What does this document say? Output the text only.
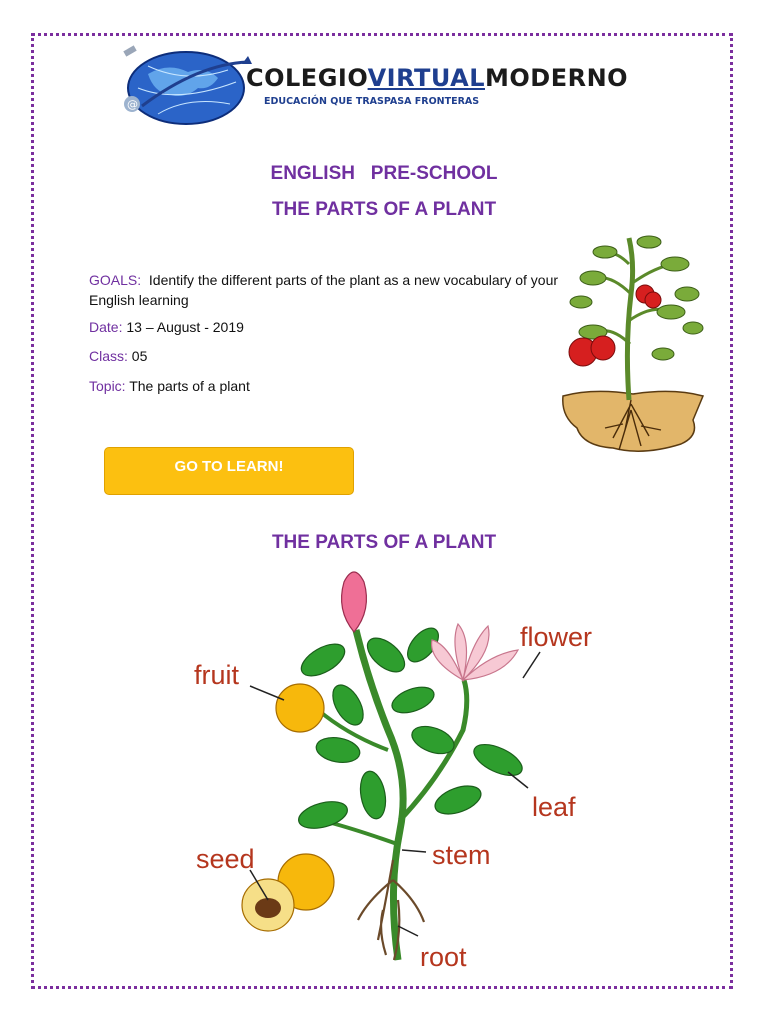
@
COLEGIOVIRTUALMODERNO
EDUCACIÓN QUE TRASPASA FRONTERAS
ENGLISH   PRE-SCHOOL
THE PARTS OF A PLANT
GOALS: Identify the different parts of the plant as a new vocabulary of your English learning
Date: 13 – August - 2019
Class: 05
Topic: The parts of a plant
GO TO LEARN!
THE PARTS OF A PLANT
flower
fruit
leaf
seed	stem
root
